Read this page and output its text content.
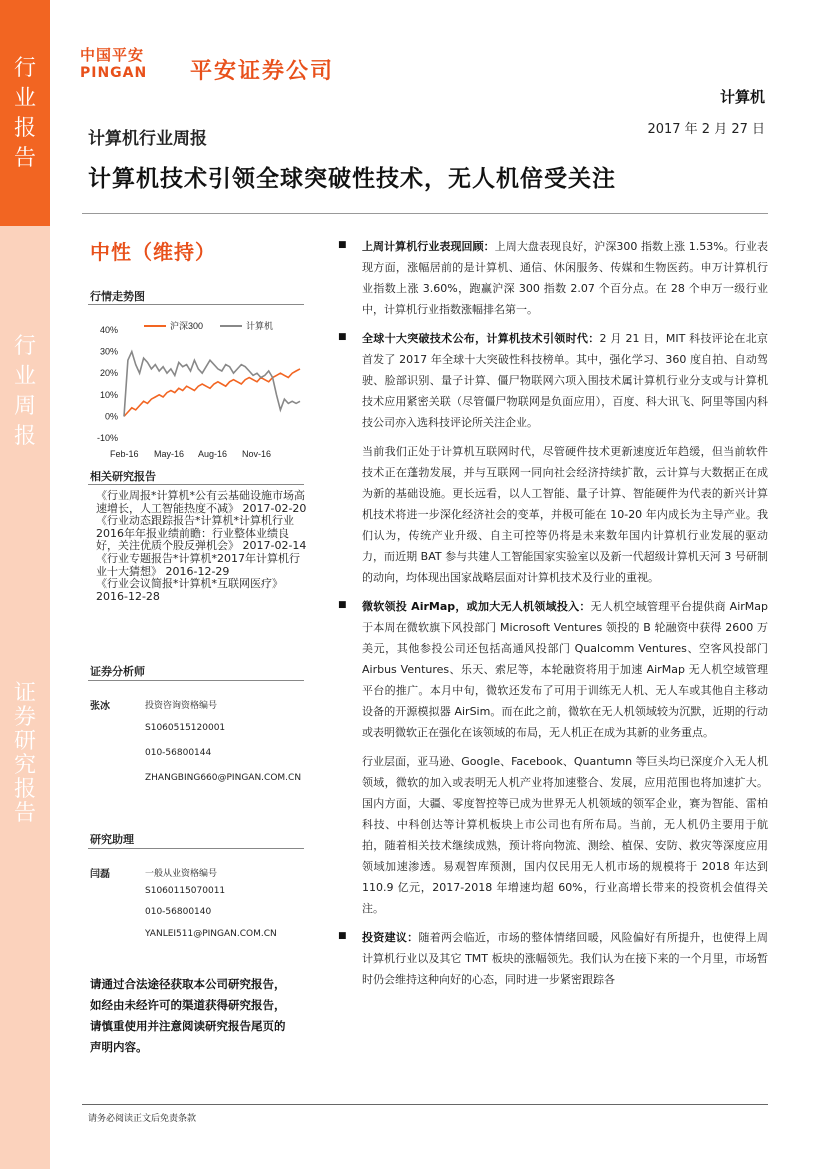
行
业
报
告
行
业
周
报
证
券
研
究
报
告
中国平安
PINGAN 平安证券公司
计算机
2017 年 2 月 27 日
计算机行业周报
计算机技术引领全球突破性技术，无人机倍受关注
中性（维持）
行情走势图
40%
30%
20%
10%
0%
-10%
Feb-16 May-16 Aug-16 Nov-16
沪深300	计算机
相关研究报告
《行业周报*计算机*公有云基础设施市场高速增长，人工智能热度不减》 2017-02-20
《行业动态跟踪报告*计算机*计算机行业2016年年报业绩前瞻：行业整体业绩良好，关注优质个股反弹机会》 2017-02-14
《行业专题报告*计算机*2017年计算机行业十大猜想》 2016-12-29
《行业会议简报*计算机*互联网医疗》 2016-12-28
证券分析师
张冰	投资咨询资格编号
S1060515120001
010-56800144
ZHANGBING660@PINGAN.COM.CN
研究助理
闫磊	一般从业资格编号
S1060115070011
010-56800140
YANLEI511@PINGAN.COM.CN
请通过合法途径获取本公司研究报告，如经由未经许可的渠道获得研究报告，请慎重使用并注意阅读研究报告尾页的声明内容。
■ 上周计算机行业表现回顾：上周大盘表现良好，沪深300 指数上涨 1.53%。行业表现方面，涨幅居前的是计算机、通信、休闲服务、传媒和生物医药。申万计算机行业指数上涨 3.60%，跑赢沪深 300 指数 2.07 个百分点。在 28 个申万一级行业中，计算机行业指数涨幅排名第一。
■ 全球十大突破技术公布，计算机技术引领时代：2 月 21 日，MIT 科技评论在北京首发了 2017 年全球十大突破性科技榜单。其中，强化学习、360 度自拍、自动驾驶、脸部识别、量子计算、僵尸物联网六项入围技术属计算机行业分支或与计算机技术应用紧密关联（尽管僵尸物联网是负面应用），百度、科大讯飞、阿里等国内科技公司亦入选科技评论所关注企业。
当前我们正处于计算机互联网时代，尽管硬件技术更新速度近年趋缓，但当前软件技术正在蓬勃发展，并与互联网一同向社会经济持续扩散，云计算与大数据正在成为新的基础设施。更长远看，以人工智能、量子计算、智能硬件为代表的新兴计算机技术将进一步深化经济社会的变革，并极可能在 10-20 年内成长为主导产业。我们认为，传统产业升级、自主可控等仍将是未来数年国内计算机行业发展的驱动力，而近期 BAT 参与共建人工智能国家实验室以及新一代超级计算机天河 3 号研制的动向，均体现出国家战略层面对计算机技术及行业的重视。
■ 微软领投 AirMap，或加大无人机领域投入：无人机空域管理平台提供商 AirMap 于本周在微软旗下风投部门 Microsoft Ventures 领投的 B 轮融资中获得 2600 万美元，其他参投公司还包括高通风投部门 Qualcomm Ventures、空客风投部门 Airbus Ventures、乐天、索尼等，本轮融资将用于加速 AirMap 无人机空域管理平台的推广。本月中旬，微软还发布了可用于训练无人机、无人车或其他自主移动设备的开源模拟器 AirSim。而在此之前，微软在无人机领域较为沉默，近期的行动或表明微软正在强化在该领域的布局，无人机正在成为其新的业务重点。
行业层面，亚马逊、Google、Facebook、Quantumn 等巨头均已深度介入无人机领域，微软的加入或表明无人机产业将加速整合、发展，应用范围也将加速扩大。国内方面，大疆、零度智控等已成为世界无人机领域的领军企业，赛为智能、雷柏科技、中科创达等计算机板块上市公司也有所布局。当前，无人机仍主要用于航拍，随着相关技术继续成熟，预计将向物流、测绘、植保、安防、救灾等深度应用领域加速渗透。易观智库预测，国内仅民用无人机市场的规模将于 2018 年达到 110.9 亿元，2017-2018 年增速均超 60%，行业高增长带来的投资机会值得关注。
■ 投资建议：随着两会临近，市场的整体情绪回暖，风险偏好有所提升，也使得上周计算机行业以及其它 TMT 板块的涨幅领先。我们认为在接下来的一个月里，市场暂时仍会维持这种向好的心态，同时进一步紧密跟踪各
请务必阅读正文后免责条款
